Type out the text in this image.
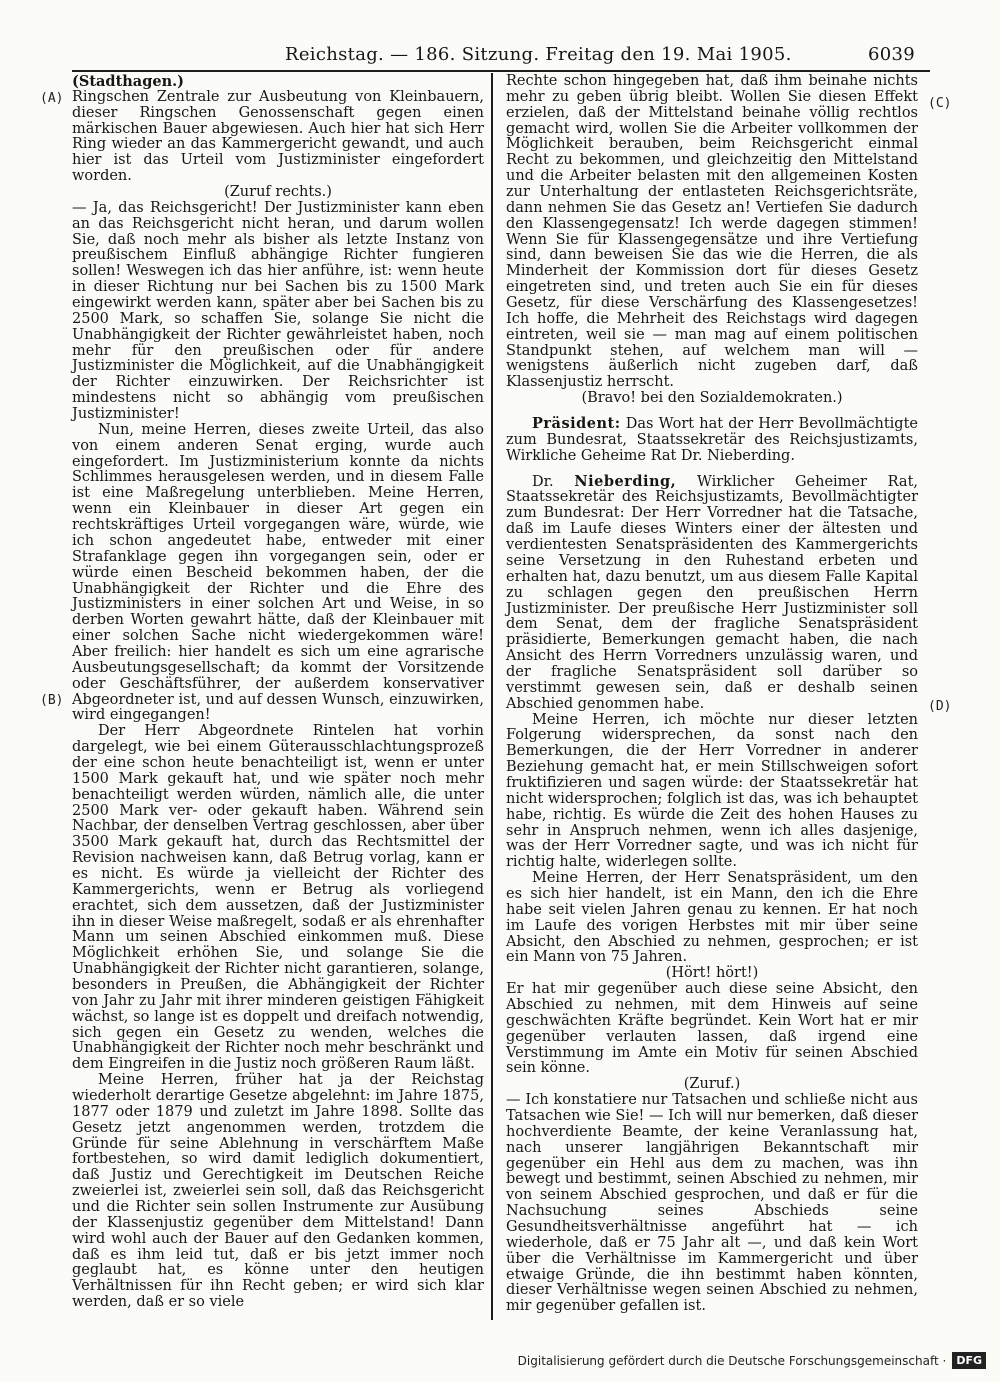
Reichstag. — 186. Sitzung. Freitag den 19. Mai 1905.	6039
(A)
(B)
(C)
(D)

(Stadthagen.)

Ringschen Zentrale zur Ausbeutung von Kleinbauern, dieser Ringschen Genossenschaft gegen einen märkischen Bauer abgewiesen. Auch hier hat sich Herr Ring wieder an das Kammergericht gewandt, und auch hier ist das Urteil vom Justizminister eingefordert worden.

(Zuruf rechts.)

— Ja, das Reichsgericht! Der Justizminister kann eben an das Reichsgericht nicht heran, und darum wollen Sie, daß noch mehr als bisher als letzte Instanz von preußischem Einfluß abhängige Richter fungieren sollen! Weswegen ich das hier anführe, ist: wenn heute in dieser Richtung nur bei Sachen bis zu 1500 Mark eingewirkt werden kann, später aber bei Sachen bis zu 2500 Mark, so schaffen Sie, solange Sie nicht die Unabhängigkeit der Richter gewährleistet haben, noch mehr für den preußischen oder für andere Justizminister die Möglichkeit, auf die Unabhängigkeit der Richter einzuwirken. Der Reichsrichter ist mindestens nicht so abhängig vom preußischen Justizminister!

Nun, meine Herren, dieses zweite Urteil, das also von einem anderen Senat erging, wurde auch eingefordert. Im Justizministerium konnte da nichts Schlimmes herausgelesen werden, und in diesem Falle ist eine Maßregelung unterblieben. Meine Herren, wenn ein Kleinbauer in dieser Art gegen ein rechtskräftiges Urteil vorgegangen wäre, würde, wie ich schon angedeutet habe, entweder mit einer Strafanklage gegen ihn vorgegangen sein, oder er würde einen Bescheid bekommen haben, der die Unabhängigkeit der Richter und die Ehre des Justizministers in einer solchen Art und Weise, in so derben Worten gewahrt hätte, daß der Kleinbauer mit einer solchen Sache nicht wiedergekommen wäre! Aber freilich: hier handelt es sich um eine agrarische Ausbeutungsgesellschaft; da kommt der Vorsitzende oder Geschäftsführer, der außerdem konservativer Abgeordneter ist, und auf dessen Wunsch, einzuwirken, wird eingegangen!

Der Herr Abgeordnete Rintelen hat vorhin dargelegt, wie bei einem Güterausschlachtungsprozeß der eine schon heute benachteiligt ist, wenn er unter 1500 Mark gekauft hat, und wie später noch mehr benachteiligt werden würden, nämlich alle, die unter 2500 Mark ver- oder gekauft haben. Während sein Nachbar, der denselben Vertrag geschlossen, aber über 3500 Mark gekauft hat, durch das Rechtsmittel der Revision nachweisen kann, daß Betrug vorlag, kann er es nicht. Es würde ja vielleicht der Richter des Kammergerichts, wenn er Betrug als vorliegend erachtet, sich dem aussetzen, daß der Justizminister ihn in dieser Weise maßregelt, sodaß er als ehrenhafter Mann um seinen Abschied einkommen muß. Diese Möglichkeit erhöhen Sie, und solange Sie die Unabhängigkeit der Richter nicht garantieren, solange, besonders in Preußen, die Abhängigkeit der Richter von Jahr zu Jahr mit ihrer minderen geistigen Fähigkeit wächst, so lange ist es doppelt und dreifach notwendig, sich gegen ein Gesetz zu wenden, welches die Unabhängigkeit der Richter noch mehr beschränkt und dem Eingreifen in die Justiz noch größeren Raum läßt.

Meine Herren, früher hat ja der Reichstag wiederholt derartige Gesetze abgelehnt: im Jahre 1875, 1877 oder 1879 und zuletzt im Jahre 1898. Sollte das Gesetz jetzt angenommen werden, trotzdem die Gründe für seine Ablehnung in verschärftem Maße fortbestehen, so wird damit lediglich dokumentiert, daß Justiz und Gerechtigkeit im Deutschen Reiche zweierlei ist, zweierlei sein soll, daß das Reichsgericht und die Richter sein sollen Instrumente zur Ausübung der Klassenjustiz gegenüber dem Mittelstand! Dann wird wohl auch der Bauer auf den Gedanken kommen, daß es ihm leid tut, daß er bis jetzt immer noch geglaubt hat, es könne unter den heutigen Verhältnissen für ihn Recht geben; er wird sich klar werden, daß er so viele

Rechte schon hingegeben hat, daß ihm beinahe nichts mehr zu geben übrig bleibt. Wollen Sie diesen Effekt erzielen, daß der Mittelstand beinahe völlig rechtlos gemacht wird, wollen Sie die Arbeiter vollkommen der Möglichkeit berauben, beim Reichsgericht einmal Recht zu bekommen, und gleichzeitig den Mittelstand und die Arbeiter belasten mit den allgemeinen Kosten zur Unterhaltung der entlasteten Reichsgerichtsräte, dann nehmen Sie das Gesetz an! Vertiefen Sie dadurch den Klassengegensatz! Ich werde dagegen stimmen! Wenn Sie für Klassengegensätze und ihre Vertiefung sind, dann beweisen Sie das wie die Herren, die als Minderheit der Kommission dort für dieses Gesetz eingetreten sind, und treten auch Sie ein für dieses Gesetz, für diese Verschärfung des Klassengesetzes! Ich hoffe, die Mehrheit des Reichstags wird dagegen eintreten, weil sie — man mag auf einem politischen Standpunkt stehen, auf welchem man will — wenigstens äußerlich nicht zugeben darf, daß Klassenjustiz herrscht.

(Bravo! bei den Sozialdemokraten.)

Präsident: Das Wort hat der Herr Bevollmächtigte zum Bundesrat, Staatssekretär des Reichsjustizamts, Wirkliche Geheime Rat Dr. Nieberding.

Dr. Nieberding, Wirklicher Geheimer Rat, Staatssekretär des Reichsjustizamts, Bevollmächtigter zum Bundesrat: Der Herr Vorredner hat die Tatsache, daß im Laufe dieses Winters einer der ältesten und verdientesten Senatspräsidenten des Kammergerichts seine Versetzung in den Ruhestand erbeten und erhalten hat, dazu benutzt, um aus diesem Falle Kapital zu schlagen gegen den preußischen Herrn Justizminister. Der preußische Herr Justizminister soll dem Senat, dem der fragliche Senatspräsident präsidierte, Bemerkungen gemacht haben, die nach Ansicht des Herrn Vorredners unzulässig waren, und der fragliche Senatspräsident soll darüber so verstimmt gewesen sein, daß er deshalb seinen Abschied genommen habe.

Meine Herren, ich möchte nur dieser letzten Folgerung widersprechen, da sonst nach den Bemerkungen, die der Herr Vorredner in anderer Beziehung gemacht hat, er mein Stillschweigen sofort fruktifizieren und sagen würde: der Staatssekretär hat nicht widersprochen; folglich ist das, was ich behauptet habe, richtig. Es würde die Zeit des hohen Hauses zu sehr in Anspruch nehmen, wenn ich alles dasjenige, was der Herr Vorredner sagte, und was ich nicht für richtig halte, widerlegen sollte.

Meine Herren, der Herr Senatspräsident, um den es sich hier handelt, ist ein Mann, den ich die Ehre habe seit vielen Jahren genau zu kennen. Er hat noch im Laufe des vorigen Herbstes mit mir über seine Absicht, den Abschied zu nehmen, gesprochen; er ist ein Mann von 75 Jahren.

(Hört! hört!)

Er hat mir gegenüber auch diese seine Absicht, den Abschied zu nehmen, mit dem Hinweis auf seine geschwächten Kräfte begründet. Kein Wort hat er mir gegenüber verlauten lassen, daß irgend eine Verstimmung im Amte ein Motiv für seinen Abschied sein könne.

(Zuruf.)

— Ich konstatiere nur Tatsachen und schließe nicht aus Tatsachen wie Sie! — Ich will nur bemerken, daß dieser hochverdiente Beamte, der keine Veranlassung hat, nach unserer langjährigen Bekanntschaft mir gegenüber ein Hehl aus dem zu machen, was ihn bewegt und bestimmt, seinen Abschied zu nehmen, mir von seinem Abschied gesprochen, und daß er für die Nachsuchung seines Abschieds seine Gesundheitsverhältnisse angeführt hat — ich wiederhole, daß er 75 Jahr alt —, und daß kein Wort über die Verhältnisse im Kammergericht und über etwaige Gründe, die ihn bestimmt haben könnten, dieser Verhältnisse wegen seinen Abschied zu nehmen, mir gegenüber gefallen ist.

Digitalisierung gefördert durch die Deutsche Forschungsgemeinschaft · DFG
